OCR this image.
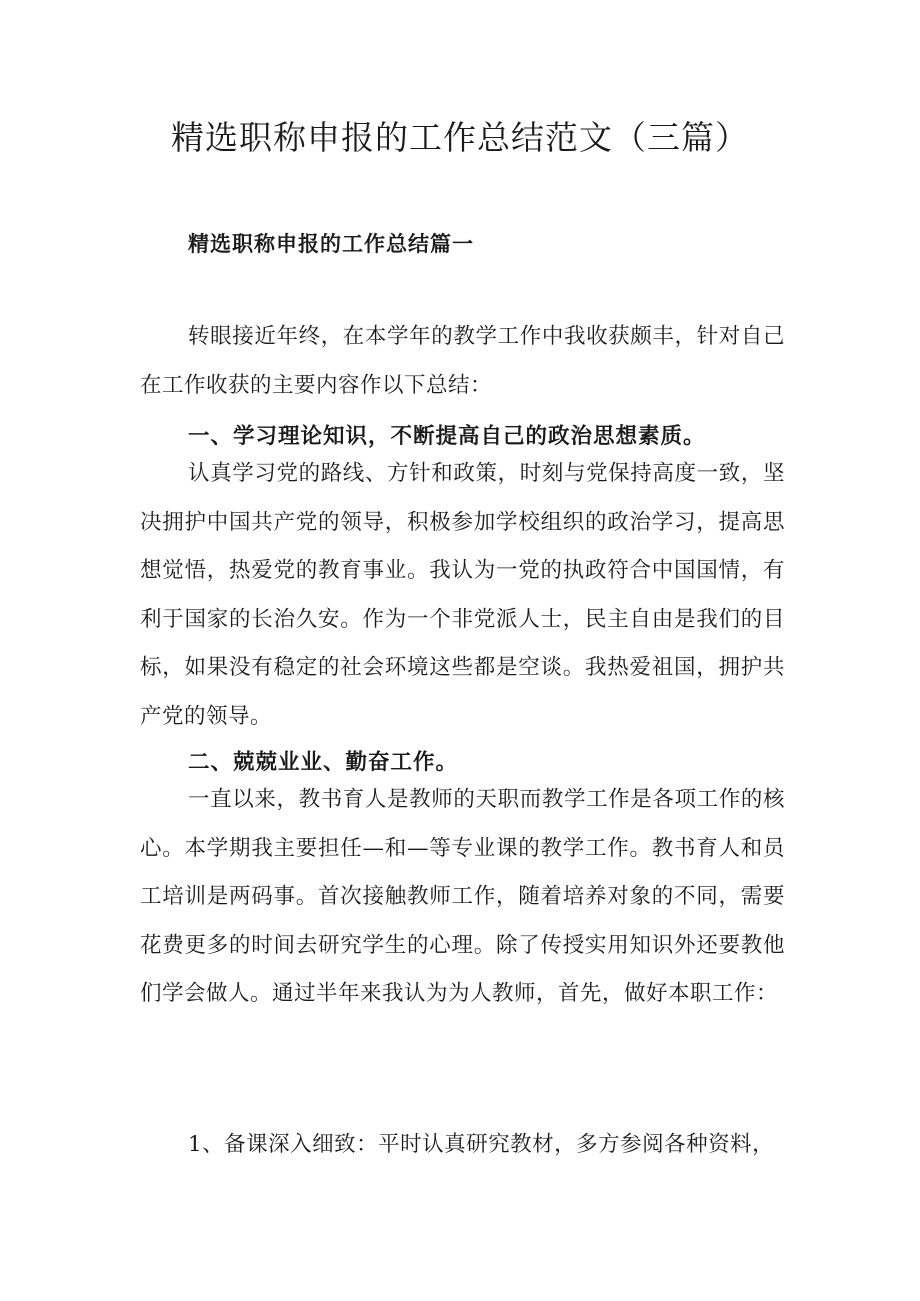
精选职称申报的工作总结范文（三篇）
精选职称申报的工作总结篇一

转眼接近年终，在本学年的教学工作中我收获颇丰，针对自己在工作收获的主要内容作以下总结：

一、学习理论知识，不断提高自己的政治思想素质。

认真学习党的路线、方针和政策，时刻与党保持高度一致，坚决拥护中国共产党的领导，积极参加学校组织的政治学习，提高思想觉悟，热爱党的教育事业。我认为一党的执政符合中国国情，有利于国家的长治久安。作为一个非党派人士，民主自由是我们的目标，如果没有稳定的社会环境这些都是空谈。我热爱祖国，拥护共产党的领导。

二、兢兢业业、勤奋工作。

一直以来，教书育人是教师的天职而教学工作是各项工作的核心。本学期我主要担任—和—等专业课的教学工作。教书育人和员工培训是两码事。首次接触教师工作，随着培养对象的不同，需要花费更多的时间去研究学生的心理。除了传授实用知识外还要教他们学会做人。通过半年来我认为为人教师，首先，做好本职工作：

1、备课深入细致：平时认真研究教材，多方参阅各种资料，
